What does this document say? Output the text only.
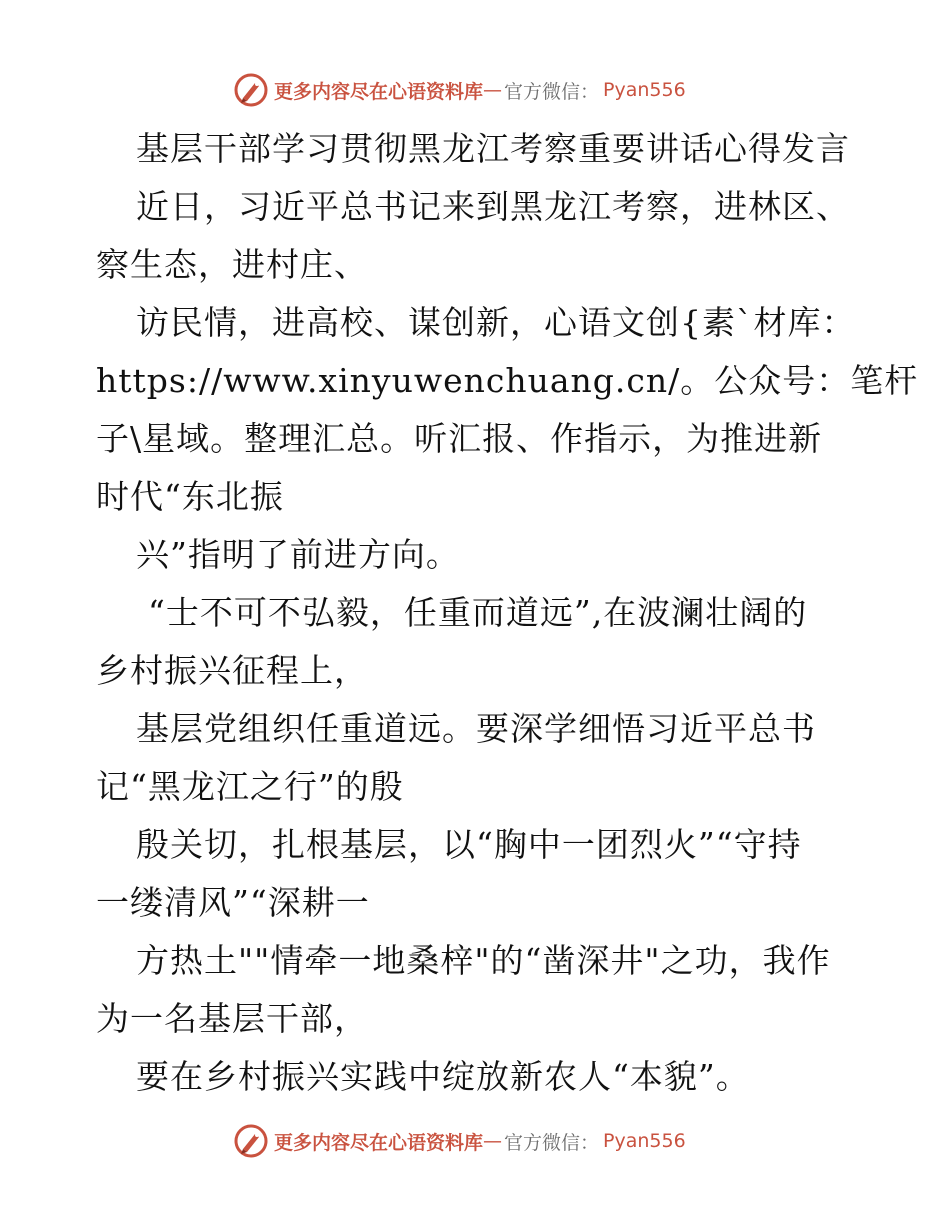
更多内容尽在心语资料库 — 官方微信： Pyan556
基层干部学习贯彻黑龙江考察重要讲话心得发言
近日，习近平总书记来到黑龙江考察，进林区、
察生态，进村庄、
访民情，进高校、谋创新，心语文创{素`材库：
https://www.xinyuwenchuang.cn/。公众号：笔杆
子\星域。整理汇总。听汇报、作指示，为推进新
时代“东北振
兴”指明了前进方向。
“士不可不弘毅，任重而道远”,在波澜壮阔的
乡村振兴征程上，
基层党组织任重道远。要深学细悟习近平总书
记“黑龙江之行”的殷
殷关切，扎根基层，以“胸中一团烈火”“守持
一缕清风”“深耕一
方热土""情牵一地桑梓"的“凿深井"之功，我作
为一名基层干部，
要在乡村振兴实践中绽放新农人“本貌”。
更多内容尽在心语资料库 — 官方微信： Pyan556
